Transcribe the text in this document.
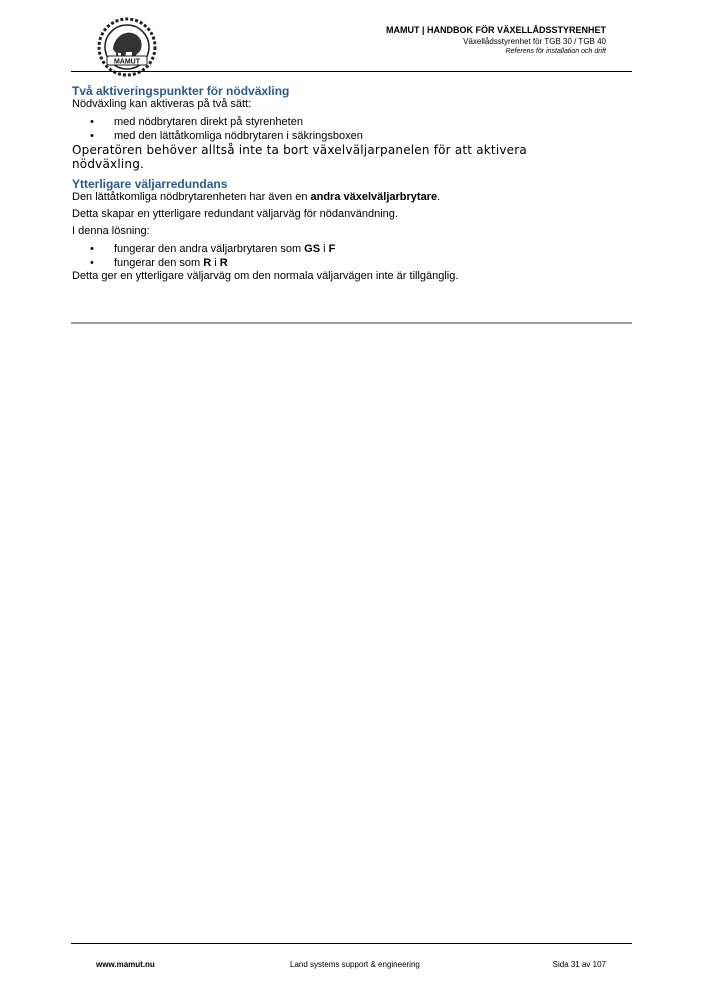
MAMUT
MAMUT | HANDBOK FÖR VÄXELLÅDSSTYRENHET
Växellådsstyrenhet för TGB 30 / TGB 40
Referens för installation och drift
Två aktiveringspunkter för nödväxling

Nödväxling kan aktiveras på två sätt:

• med nödbrytaren direkt på styrenheten
• med den lättåtkomliga nödbrytaren i säkringsboxen

Operatören behöver alltså inte ta bort växelväljarpanelen för att aktivera
nödväxling.

Ytterligare väljarredundans

Den lättåtkomliga nödbrytarenheten har även en andra växelväljarbrytare.

Detta skapar en ytterligare redundant väljarväg för nödanvändning.

I denna lösning:

• fungerar den andra väljarbrytaren som GS i F
• fungerar den som R i R

Detta ger en ytterligare väljarväg om den normala väljarvägen inte är tillgänglig.

www.mamut.nu	Land systems support & engineering	Sida 31 av 107
